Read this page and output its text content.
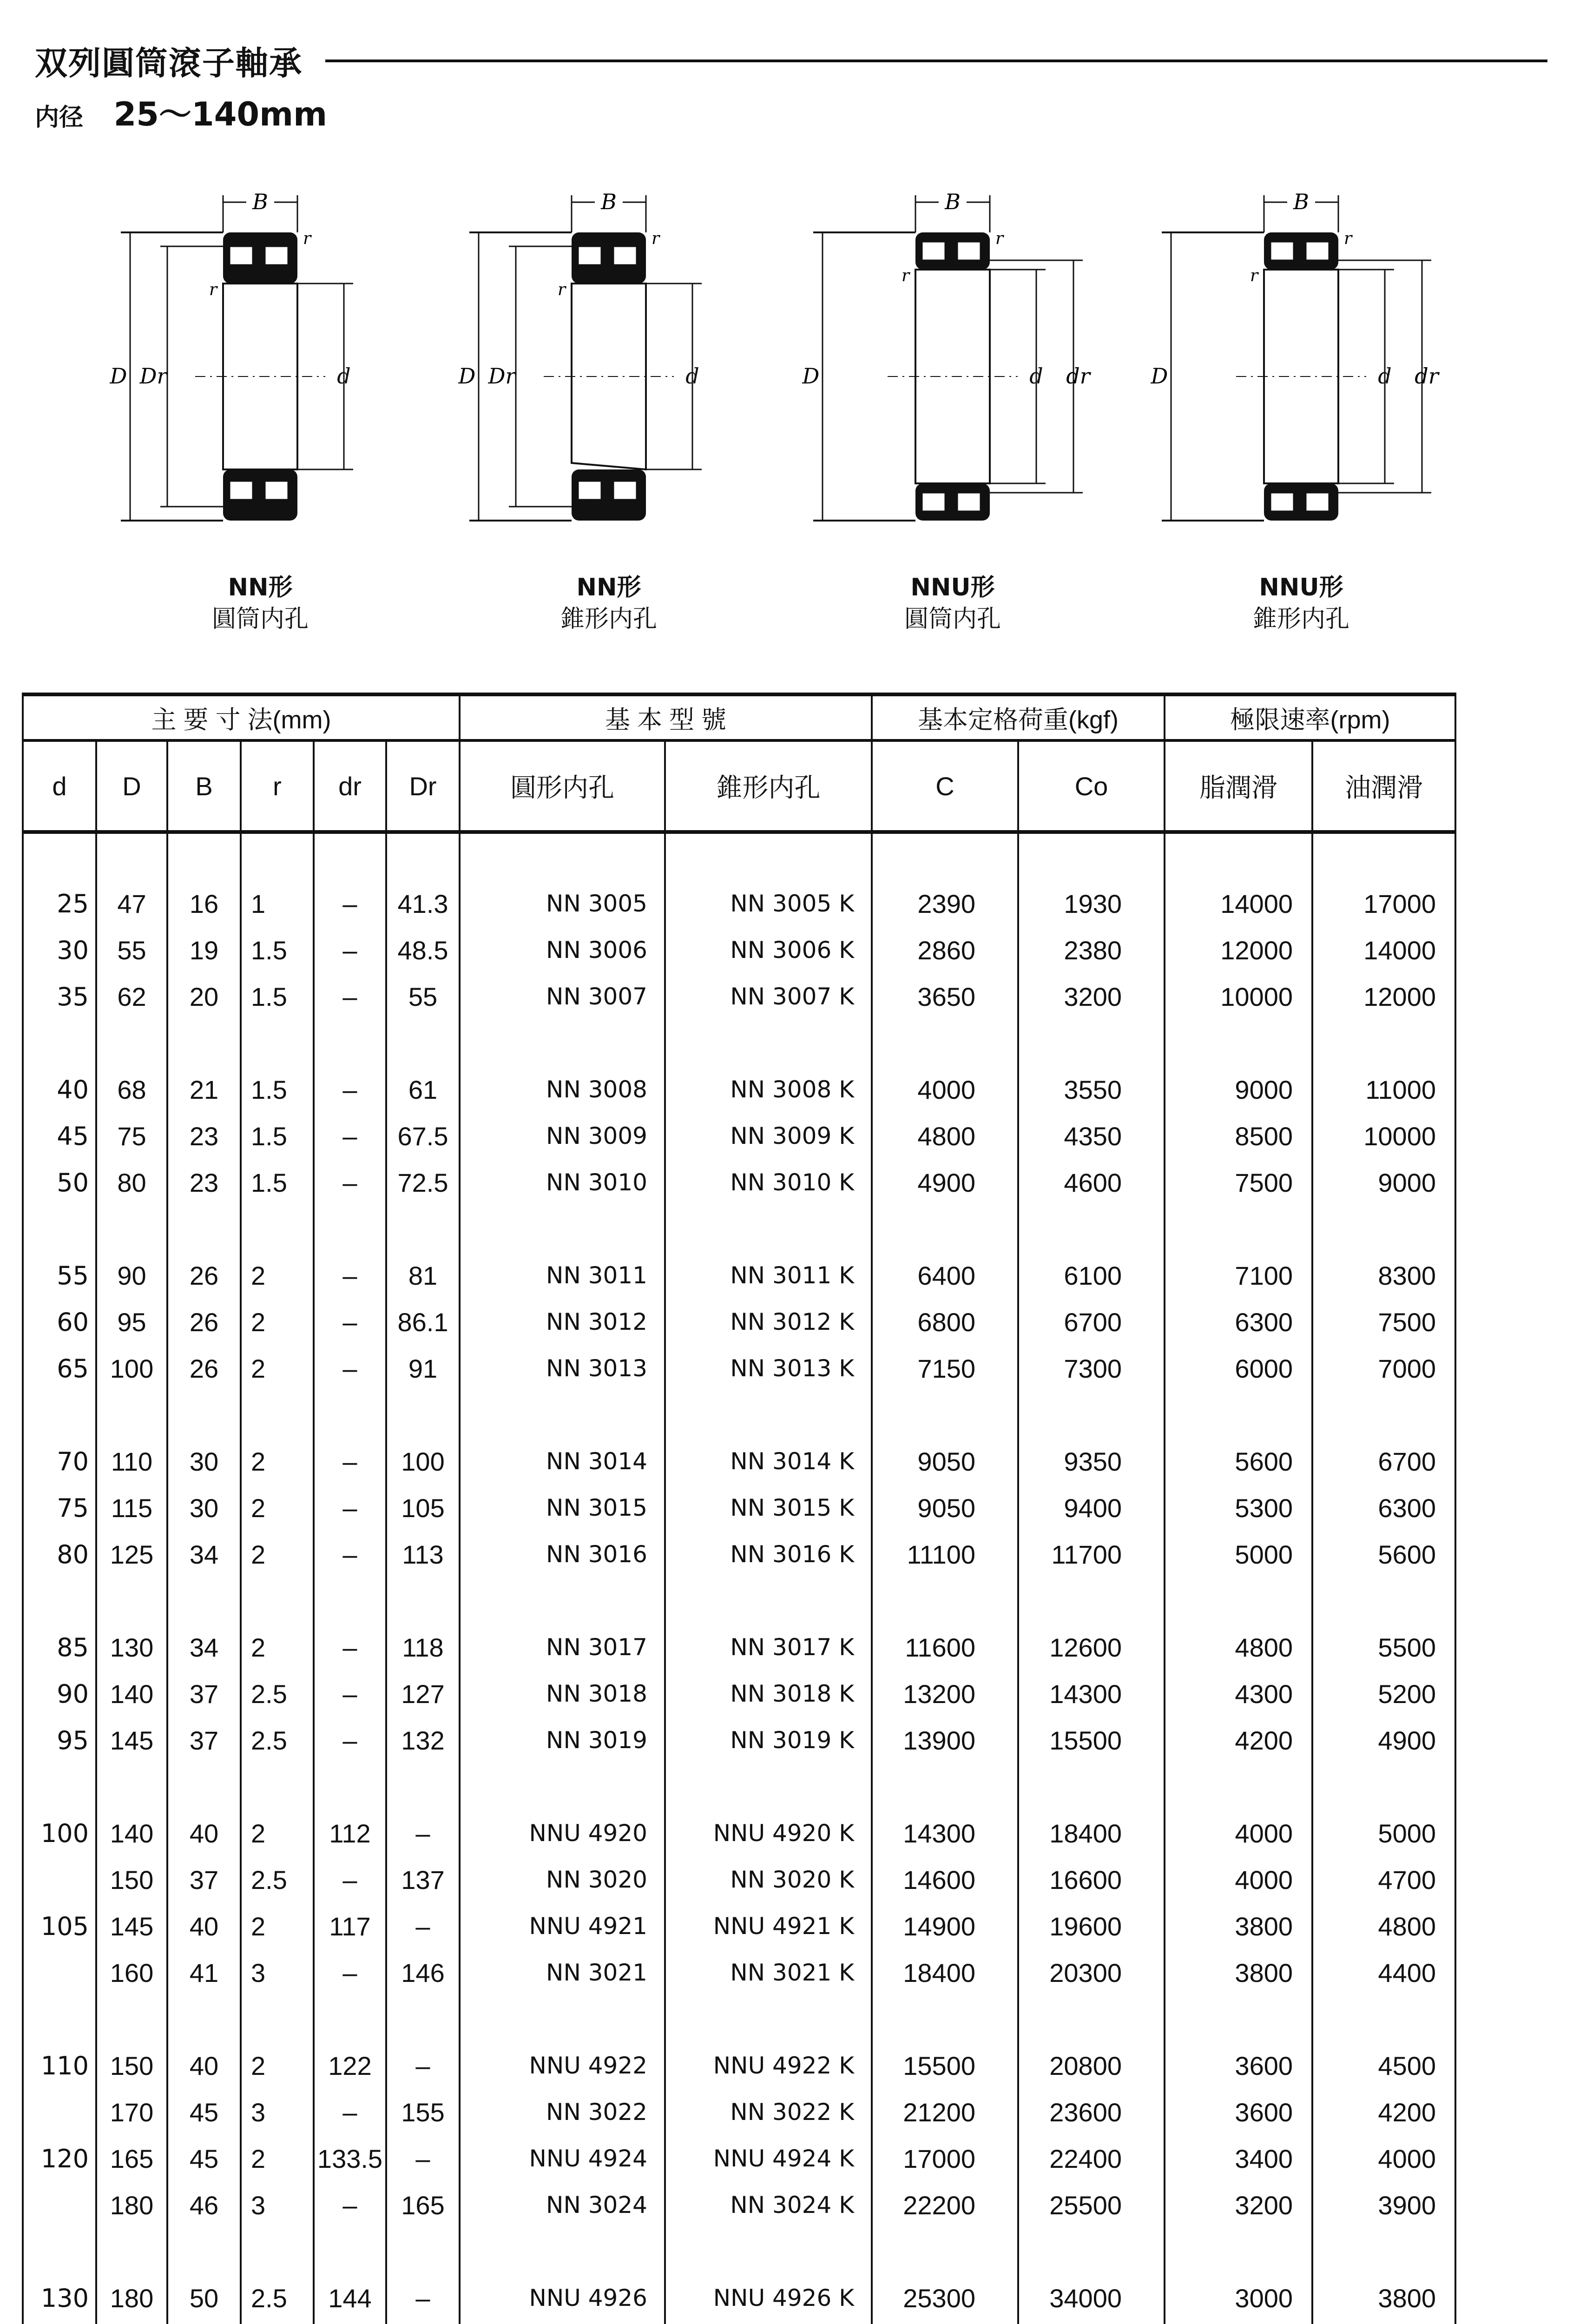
双列圓筒滾子軸承
内径 25～140mm
B
d
D Dr
r
r
NN形
圓筒内孔
B
d
D Dr
r
r
NN形
錐形内孔
B
d
D	dr
r
r
NNU形
圓筒内孔
B
d
D	dr
r
r
NNU形
錐形内孔
主 要 寸 法(mm)						基 本 型 號		基本定格荷重(kgf)		極限速率(rpm)	
d	D	B	r	dr	Dr	圓形内孔	錐形内孔	C	Co	脂潤滑	油潤滑

25	47	16	1	–	41.3	NN 3005	NN 3005 K	2390	1930	14000	17000
30	55	19	1.5	–	48.5	NN 3006	NN 3006 K	2860	2380	12000	14000
35	62	20	1.5	–	55	NN 3007	NN 3007 K	3650	3200	10000	12000

40	68	21	1.5	–	61	NN 3008	NN 3008 K	4000	3550	9000	11000
45	75	23	1.5	–	67.5	NN 3009	NN 3009 K	4800	4350	8500	10000
50	80	23	1.5	–	72.5	NN 3010	NN 3010 K	4900	4600	7500	9000

55	90	26	2	–	81	NN 3011	NN 3011 K	6400	6100	7100	8300
60	95	26	2	–	86.1	NN 3012	NN 3012 K	6800	6700	6300	7500
65	100	26	2	–	91	NN 3013	NN 3013 K	7150	7300	6000	7000

70	110	30	2	–	100	NN 3014	NN 3014 K	9050	9350	5600	6700
75	115	30	2	–	105	NN 3015	NN 3015 K	9050	9400	5300	6300
80	125	34	2	–	113	NN 3016	NN 3016 K	11100	11700	5000	5600

85	130	34	2	–	118	NN 3017	NN 3017 K	11600	12600	4800	5500
90	140	37	2.5	–	127	NN 3018	NN 3018 K	13200	14300	4300	5200
95	145	37	2.5	–	132	NN 3019	NN 3019 K	13900	15500	4200	4900

100	140	40	2	112	–	NNU 4920	NNU 4920 K	14300	18400	4000	5000
	150	37	2.5	–	137	NN 3020	NN 3020 K	14600	16600	4000	4700
105	145	40	2	117	–	NNU 4921	NNU 4921 K	14900	19600	3800	4800
	160	41	3	–	146	NN 3021	NN 3021 K	18400	20300	3800	4400

110	150	40	2	122	–	NNU 4922	NNU 4922 K	15500	20800	3600	4500
	170	45	3	–	155	NN 3022	NN 3022 K	21200	23600	3600	4200
120	165	45	2	133.5	–	NNU 4924	NNU 4924 K	17000	22400	3400	4000
	180	46	3	–	165	NN 3024	NN 3024 K	22200	25500	3200	3900

130	180	50	2.5	144	–	NNU 4926	NNU 4926 K	25300	34000	3000	3800
